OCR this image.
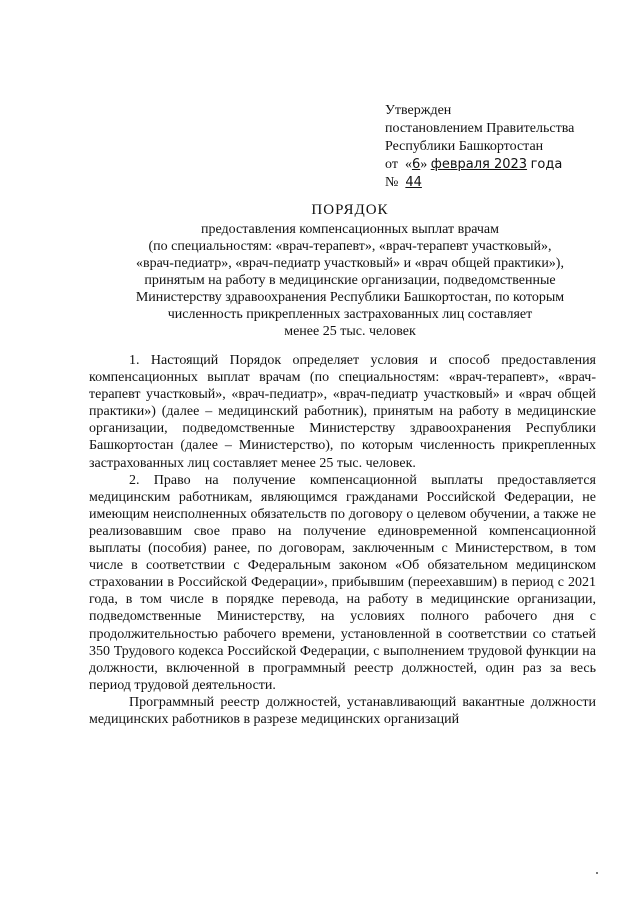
Утвержден
постановлением Правительства
Республики Башкортостан
от «6» февраля 2023 года
№ 44
ПОРЯДОК
предоставления компенсационных выплат врачам
(по специальностям: «врач-терапевт», «врач-терапевт участковый»,
«врач-педиатр», «врач-педиатр участковый» и «врач общей практики»),
принятым на работу в медицинские организации, подведомственные
Министерству здравоохранения Республики Башкортостан, по которым
численность прикрепленных застрахованных лиц составляет
менее 25 тыс. человек

1. Настоящий Порядок определяет условия и способ предоставления компенсационных выплат врачам (по специальностям: «врач-терапевт», «врач-терапевт участковый», «врач-педиатр», «врач-педиатр участковый» и «врач общей практики») (далее – медицинский работник), принятым на работу в медицинские организации, подведомственные Министерству здравоохранения Республики Башкортостан (далее – Министерство), по которым численность прикрепленных застрахованных лиц составляет менее 25 тыс. человек.

2. Право на получение компенсационной выплаты предоставляется медицинским работникам, являющимся гражданами Российской Федерации, не имеющим неисполненных обязательств по договору о целевом обучении, а также не реализовавшим свое право на получение единовременной компенсационной выплаты (пособия) ранее, по договорам, заключенным с Министерством, в том числе в соответствии с Федеральным законом «Об обязательном медицинском страховании в Российской Федерации», прибывшим (переехавшим) в период с 2021 года, в том числе в порядке перевода, на работу в медицинские организации, подведомственные Министерству, на условиях полного рабочего дня с продолжительностью рабочего времени, установленной в соответствии со статьей 350 Трудового кодекса Российской Федерации, с выполнением трудовой функции на должности, включенной в программный реестр должностей, один раз за весь период трудовой деятельности.

Программный реестр должностей, устанавливающий вакантные должности медицинских работников в разрезе медицинских организаций
